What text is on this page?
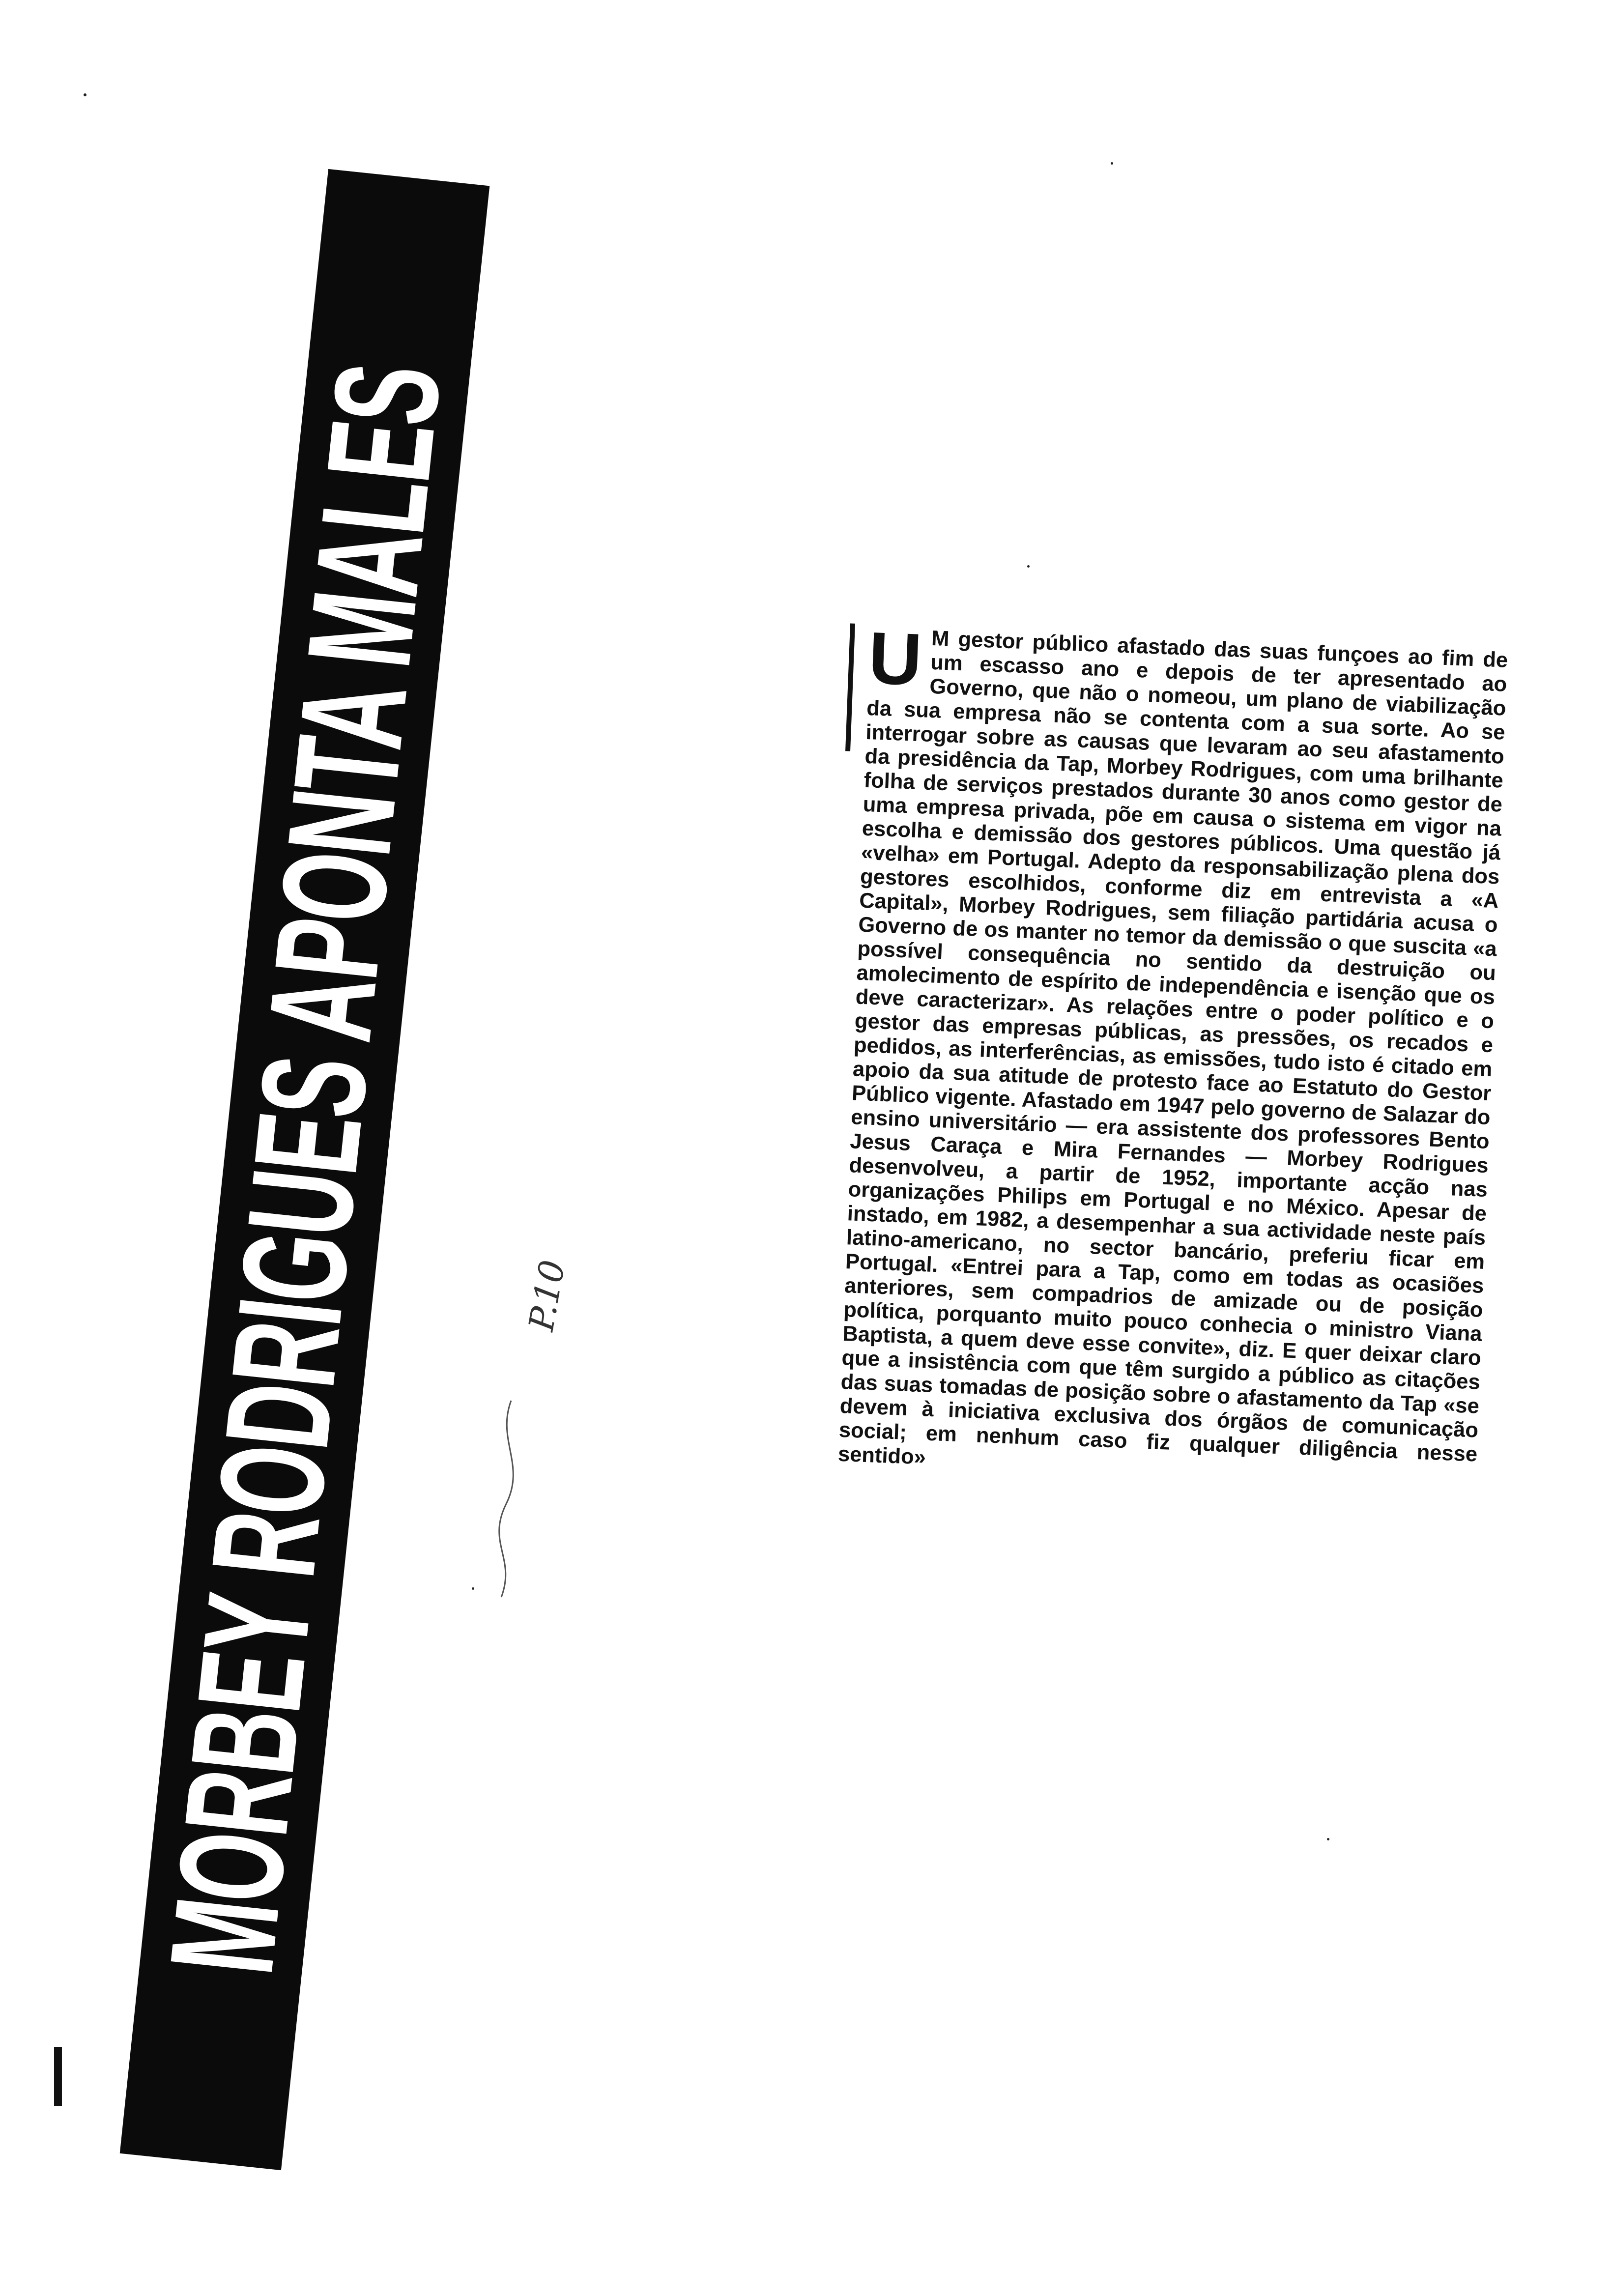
MORBEY RODRIGUES APONTA MALES P.10

U M gestor público afastado das suas funçoes ao fim de um escasso ano e depois de ter apresentado ao Governo, que não o nomeou, um plano de viabilização da sua empresa não se contenta com a sua sorte. Ao se interrogar sobre as causas que levaram ao seu afastamento da presidência da Tap, Morbey Rodrigues, com uma brilhante folha de serviços prestados durante 30 anos como gestor de uma empresa privada, põe em causa o sistema em vigor na escolha e demissão dos gestores públicos. Uma questão já «velha» em Portugal. Adepto da responsabilização plena dos gestores escolhidos, conforme diz em entrevista a «A Capital», Morbey Rodrigues, sem filiação partidária acusa o Governo de os manter no temor da demissão o que suscita «a possível consequência no sentido da destruição ou amolecimento de espírito de independência e isenção que os deve caracterizar». As relações entre o poder político e o gestor das empresas públicas, as pressões, os recados e pedidos, as interferências, as emissões, tudo isto é citado em apoio da sua atitude de protesto face ao Estatuto do Gestor Público vigente. Afastado em 1947 pelo governo de Salazar do ensino universitário — era assistente dos professores Bento Jesus Caraça e Mira Fernandes — Morbey Rodrigues desenvolveu, a partir de 1952, importante acção nas organizações Philips em Portugal e no México. Apesar de instado, em 1982, a desempenhar a sua actividade neste país latino-americano, no sector bancário, preferiu ficar em Portugal. «Entrei para a Tap, como em todas as ocasiões anteriores, sem compadrios de amizade ou de posição política, porquanto muito pouco conhecia o ministro Viana Baptista, a quem deve esse convite», diz. E quer deixar claro que a insistência com que têm surgido a público as citações das suas tomadas de posição sobre o afastamento da Tap «se devem à iniciativa exclusiva dos órgãos de comunicação social; em nenhum caso fiz qualquer diligência nesse sentido»
